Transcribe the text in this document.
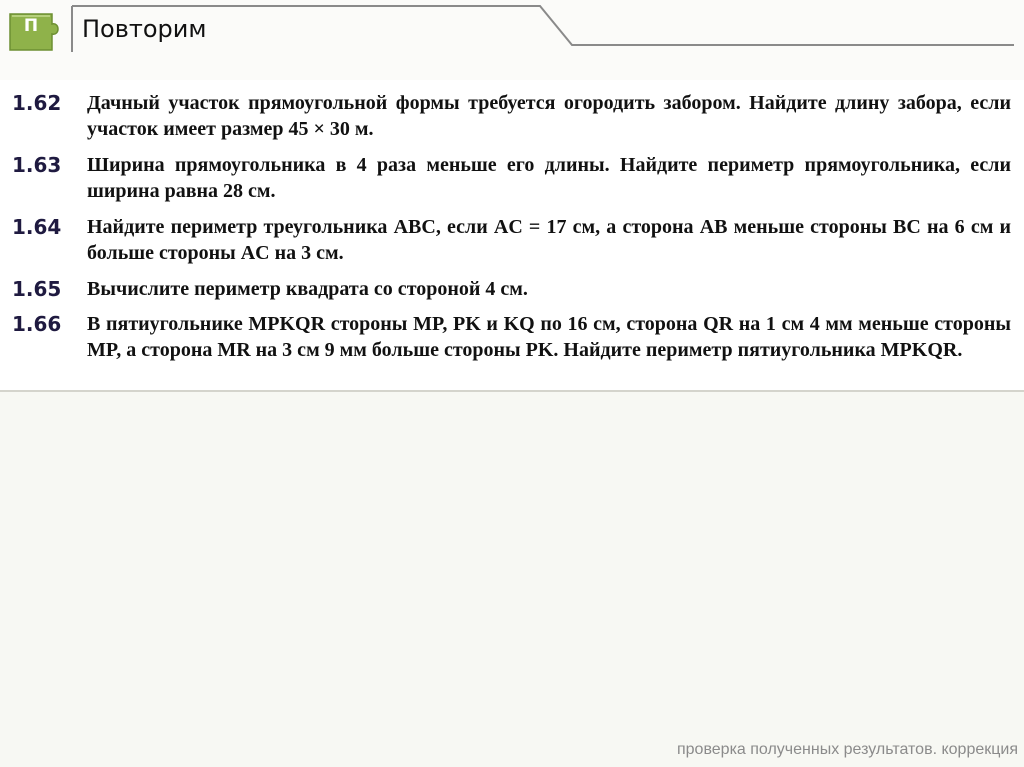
П	Повторим
1.62 Дачный участок прямоугольной формы требуется огородить забором. Найдите длину забора, если участок имеет размер 45 × 30 м.
1.63 Ширина прямоугольника в 4 раза меньше его длины. Найдите периметр прямоугольника, если ширина равна 28 см.
1.64 Найдите периметр треугольника ABC, если AC = 17 см, а сторона AB меньше стороны BC на 6 см и больше стороны AC на 3 см.
1.65 Вычислите периметр квадрата со стороной 4 см.
1.66 В пятиугольнике MPKQR стороны MP, PK и KQ по 16 см, сторона QR на 1 см 4 мм меньше стороны MP, а сторона MR на 3 см 9 мм больше стороны PK. Найдите периметр пятиугольника MPKQR.
проверка полученных результатов. коррекция
